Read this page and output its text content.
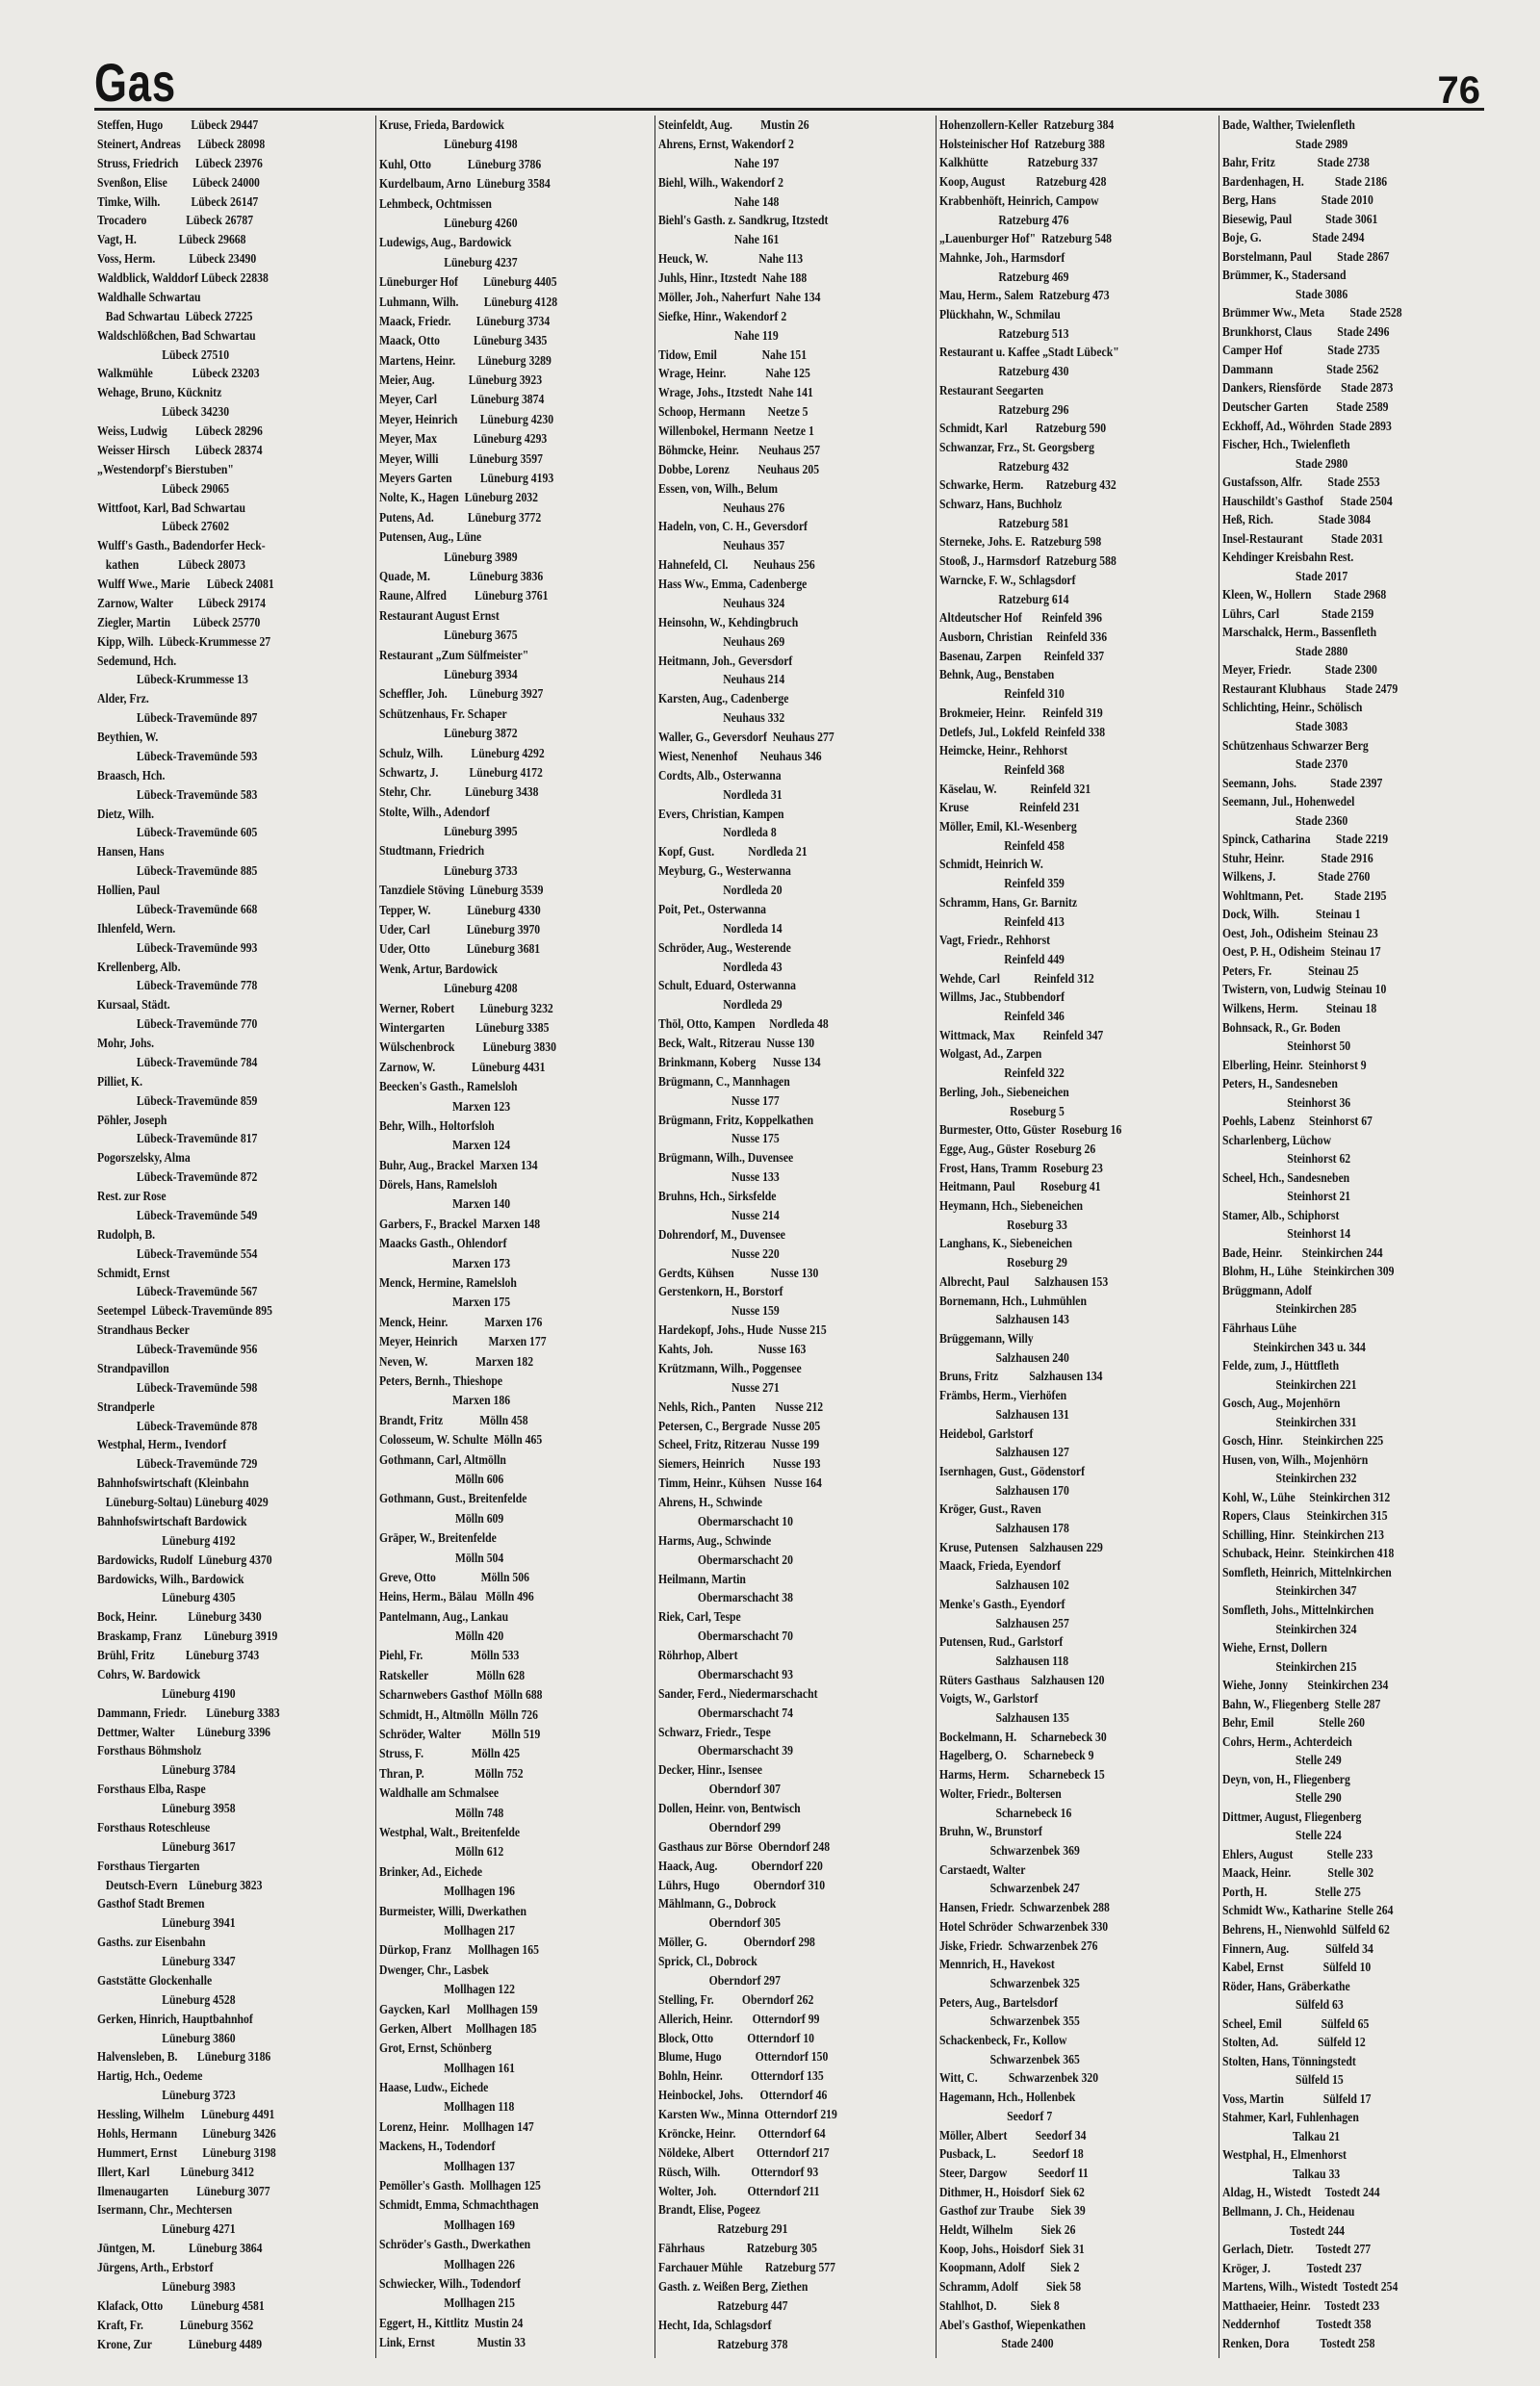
Gas	76
Steffen, Hugo          Lübeck 29447
Steinert, Andreas      Lübeck 28098
Struss, Friedrich      Lübeck 23976
Svenßon, Elise         Lübeck 24000
Timke, Wilh.           Lübeck 26147
Trocadero              Lübeck 26787
Vagt, H.               Lübeck 29668
Voss, Herm.            Lübeck 23490
Waldblick, Walddorf Lübeck 22838
Waldhalle Schwartau
Bad Schwartau  Lübeck 27225
Waldschlößchen, Bad Schwartau
Lübeck 27510
Walkmühle              Lübeck 23203
Wehage, Bruno, Kücknitz
Lübeck 34230
Weiss, Ludwig          Lübeck 28296
Weisser Hirsch         Lübeck 28374
„Westendorpf's Bierstuben"
Lübeck 29065
Wittfoot, Karl, Bad Schwartau
Lübeck 27602
Wulff's Gasth., Badendorfer Heck-
kathen              Lübeck 28073
Wulff Wwe., Marie      Lübeck 24081
Zarnow, Walter         Lübeck 29174
Ziegler, Martin        Lübeck 25770
Kipp, Wilh.  Lübeck-Krummesse 27
Sedemund, Hch.
Lübeck-Krummesse 13
Alder, Frz.
Lübeck-Travemünde 897
Beythien, W.
Lübeck-Travemünde 593
Braasch, Hch.
Lübeck-Travemünde 583
Dietz, Wilh.
Lübeck-Travemünde 605
Hansen, Hans
Lübeck-Travemünde 885
Hollien, Paul
Lübeck-Travemünde 668
Ihlenfeld, Wern.
Lübeck-Travemünde 993
Krellenberg, Alb.
Lübeck-Travemünde 778
Kursaal, Städt.
Lübeck-Travemünde 770
Mohr, Johs.
Lübeck-Travemünde 784
Pilliet, K.
Lübeck-Travemünde 859
Pöhler, Joseph
Lübeck-Travemünde 817
Pogorszelsky, Alma
Lübeck-Travemünde 872
Rest. zur Rose
Lübeck-Travemünde 549
Rudolph, B.
Lübeck-Travemünde 554
Schmidt, Ernst
Lübeck-Travemünde 567
Seetempel  Lübeck-Travemünde 895
Strandhaus Becker
Lübeck-Travemünde 956
Strandpavillon
Lübeck-Travemünde 598
Strandperle
Lübeck-Travemünde 878
Westphal, Herm., Ivendorf
Lübeck-Travemünde 729
Bahnhofswirtschaft (Kleinbahn
Lüneburg-Soltau) Lüneburg 4029
Bahnhofswirtschaft Bardowick
Lüneburg 4192
Bardowicks, Rudolf  Lüneburg 4370
Bardowicks, Wilh., Bardowick
Lüneburg 4305
Bock, Heinr.           Lüneburg 3430
Braskamp, Franz        Lüneburg 3919
Brühl, Fritz           Lüneburg 3743
Cohrs, W. Bardowick
Lüneburg 4190
Dammann, Friedr.       Lüneburg 3383
Dettmer, Walter        Lüneburg 3396
Forsthaus Böhmsholz
Lüneburg 3784
Forsthaus Elba, Raspe
Lüneburg 3958
Forsthaus Roteschleuse
Lüneburg 3617
Forsthaus Tiergarten
Deutsch-Evern    Lüneburg 3823
Gasthof Stadt Bremen
Lüneburg 3941
Gasths. zur Eisenbahn
Lüneburg 3347
Gaststätte Glockenhalle
Lüneburg 4528
Gerken, Hinrich, Hauptbahnhof
Lüneburg 3860
Halvensleben, B.       Lüneburg 3186
Hartig, Hch., Oedeme
Lüneburg 3723
Hessling, Wilhelm      Lüneburg 4491
Hohls, Hermann         Lüneburg 3426
Hummert, Ernst         Lüneburg 3198
Illert, Karl           Lüneburg 3412
Ilmenaugarten          Lüneburg 3077
Isermann, Chr., Mechtersen
Lüneburg 4271
Jüntgen, M.            Lüneburg 3864
Jürgens, Arth., Erbstorf
Lüneburg 3983
Klafack, Otto          Lüneburg 4581
Kraft, Fr.             Lüneburg 3562
Krone, Zur             Lüneburg 4489
Kruse, Frieda, Bardowick
Lüneburg 4198
Kuhl, Otto             Lüneburg 3786
Kurdelbaum, Arno  Lüneburg 3584
Lehmbeck, Ochtmissen
Lüneburg 4260
Ludewigs, Aug., Bardowick
Lüneburg 4237
Lüneburger Hof         Lüneburg 4405
Luhmann, Wilh.         Lüneburg 4128
Maack, Friedr.         Lüneburg 3734
Maack, Otto            Lüneburg 3435
Martens, Heinr.        Lüneburg 3289
Meier, Aug.            Lüneburg 3923
Meyer, Carl            Lüneburg 3874
Meyer, Heinrich        Lüneburg 4230
Meyer, Max             Lüneburg 4293
Meyer, Willi           Lüneburg 3597
Meyers Garten          Lüneburg 4193
Nolte, K., Hagen  Lüneburg 2032
Putens, Ad.            Lüneburg 3772
Putensen, Aug., Lüne
Lüneburg 3989
Quade, M.              Lüneburg 3836
Raune, Alfred          Lüneburg 3761
Restaurant August Ernst
Lüneburg 3675
Restaurant „Zum Sülfmeister"
Lüneburg 3934
Scheffler, Joh.        Lüneburg 3927
Schützenhaus, Fr. Schaper
Lüneburg 3872
Schulz, Wilh.          Lüneburg 4292
Schwartz, J.           Lüneburg 4172
Stehr, Chr.            Lüneburg 3438
Stolte, Wilh., Adendorf
Lüneburg 3995
Studtmann, Friedrich
Lüneburg 3733
Tanzdiele Stöving  Lüneburg 3539
Tepper, W.             Lüneburg 4330
Uder, Carl             Lüneburg 3970
Uder, Otto             Lüneburg 3681
Wenk, Artur, Bardowick
Lüneburg 4208
Werner, Robert         Lüneburg 3232
Wintergarten           Lüneburg 3385
Wülschenbrock          Lüneburg 3830
Zarnow, W.             Lüneburg 4431
Beecken's Gasth., Ramelsloh
Marxen 123
Behr, Wilh., Holtorfsloh
Marxen 124
Buhr, Aug., Brackel  Marxen 134
Dörels, Hans, Ramelsloh
Marxen 140
Garbers, F., Brackel  Marxen 148
Maacks Gasth., Ohlendorf
Marxen 173
Menck, Hermine, Ramelsloh
Marxen 175
Menck, Heinr.             Marxen 176
Meyer, Heinrich           Marxen 177
Neven, W.                 Marxen 182
Peters, Bernh., Thieshope
Marxen 186
Brandt, Fritz             Mölln 458
Colosseum, W. Schulte  Mölln 465
Gothmann, Carl, Altmölln
Mölln 606
Gothmann, Gust., Breitenfelde
Mölln 609
Gräper, W., Breitenfelde
Mölln 504
Greve, Otto                Mölln 506
Heins, Herm., Bälau   Mölln 496
Pantelmann, Aug., Lankau
Mölln 420
Piehl, Fr.                 Mölln 533
Ratskeller                 Mölln 628
Scharnwebers Gasthof  Mölln 688
Schmidt, H., Altmölln  Mölln 726
Schröder, Walter           Mölln 519
Struss, F.                 Mölln 425
Thran, P.                  Mölln 752
Waldhalle am Schmalsee
Mölln 748
Westphal, Walt., Breitenfelde
Mölln 612
Brinker, Ad., Eichede
Mollhagen 196
Burmeister, Willi, Dwerkathen
Mollhagen 217
Dürkop, Franz      Mollhagen 165
Dwenger, Chr., Lasbek
Mollhagen 122
Gaycken, Karl      Mollhagen 159
Gerken, Albert     Mollhagen 185
Grot, Ernst, Schönberg
Mollhagen 161
Haase, Ludw., Eichede
Mollhagen 118
Lorenz, Heinr.     Mollhagen 147
Mackens, H., Todendorf
Mollhagen 137
Pemöller's Gasth.  Mollhagen 125
Schmidt, Emma, Schmachthagen
Mollhagen 169
Schröder's Gasth., Dwerkathen
Mollhagen 226
Schwiecker, Wilh., Todendorf
Mollhagen 215
Eggert, H., Kittlitz  Mustin 24
Link, Ernst               Mustin 33
Steinfeldt, Aug.          Mustin 26
Ahrens, Ernst, Wakendorf 2
Nahe 197
Biehl, Wilh., Wakendorf 2
Nahe 148
Biehl's Gasth. z. Sandkrug, Itzstedt
Nahe 161
Heuck, W.                  Nahe 113
Juhls, Hinr., Itzstedt  Nahe 188
Möller, Joh., Naherfurt  Nahe 134
Siefke, Hinr., Wakendorf 2
Nahe 119
Tidow, Emil                Nahe 151
Wrage, Heinr.              Nahe 125
Wrage, Johs., Itzstedt  Nahe 141
Schoop, Hermann        Neetze 5
Willenbokel, Hermann  Neetze 1
Böhmcke, Heinr.       Neuhaus 257
Dobbe, Lorenz          Neuhaus 205
Essen, von, Wilh., Belum
Neuhaus 276
Hadeln, von, C. H., Geversdorf
Neuhaus 357
Hahnefeld, Cl.         Neuhaus 256
Hass Ww., Emma, Cadenberge
Neuhaus 324
Heinsohn, W., Kehdingbruch
Neuhaus 269
Heitmann, Joh., Geversdorf
Neuhaus 214
Karsten, Aug., Cadenberge
Neuhaus 332
Waller, G., Geversdorf  Neuhaus 277
Wiest, Nenenhof        Neuhaus 346
Cordts, Alb., Osterwanna
Nordleda 31
Evers, Christian, Kampen
Nordleda 8
Kopf, Gust.            Nordleda 21
Meyburg, G., Westerwanna
Nordleda 20
Poit, Pet., Osterwanna
Nordleda 14
Schröder, Aug., Westerende
Nordleda 43
Schult, Eduard, Osterwanna
Nordleda 29
Thöl, Otto, Kampen     Nordleda 48
Beck, Walt., Ritzerau  Nusse 130
Brinkmann, Koberg      Nusse 134
Brügmann, C., Mannhagen
Nusse 177
Brügmann, Fritz, Koppelkathen
Nusse 175
Brügmann, Wilh., Duvensee
Nusse 133
Bruhns, Hch., Sirksfelde
Nusse 214
Dohrendorf, M., Duvensee
Nusse 220
Gerdts, Kühsen             Nusse 130
Gerstenkorn, H., Borstorf
Nusse 159
Hardekopf, Johs., Hude  Nusse 215
Kahts, Joh.                Nusse 163
Krützmann, Wilh., Poggensee
Nusse 271
Nehls, Rich., Panten       Nusse 212
Petersen, C., Bergrade  Nusse 205
Scheel, Fritz, Ritzerau  Nusse 199
Siemers, Heinrich          Nusse 193
Timm, Heinr., Kühsen   Nusse 164
Ahrens, H., Schwinde
Obermarschacht 10
Harms, Aug., Schwinde
Obermarschacht 20
Heilmann, Martin
Obermarschacht 38
Riek, Carl, Tespe
Obermarschacht 70
Röhrhop, Albert
Obermarschacht 93
Sander, Ferd., Niedermarschacht
Obermarschacht 74
Schwarz, Friedr., Tespe
Obermarschacht 39
Decker, Hinr., Isensee
Oberndorf 307
Dollen, Heinr. von, Bentwisch
Oberndorf 299
Gasthaus zur Börse  Oberndorf 248
Haack, Aug.            Oberndorf 220
Lührs, Hugo            Oberndorf 310
Mählmann, G., Dobrock
Oberndorf 305
Möller, G.             Oberndorf 298
Sprick, Cl., Dobrock
Oberndorf 297
Stelling, Fr.          Oberndorf 262
Allerich, Heinr.       Otterndorf 99
Block, Otto            Otterndorf 10
Blume, Hugo            Otterndorf 150
Bohln, Heinr.          Otterndorf 135
Heinbockel, Johs.      Otterndorf 46
Karsten Ww., Minna  Otterndorf 219
Kröncke, Heinr.        Otterndorf 64
Nöldeke, Albert        Otterndorf 217
Rüsch, Wilh.           Otterndorf 93
Wolter, Joh.           Otterndorf 211
Brandt, Elise, Pogeez
Ratzeburg 291
Fährhaus               Ratzeburg 305
Farchauer Mühle        Ratzeburg 577
Gasth. z. Weißen Berg, Ziethen
Ratzeburg 447
Hecht, Ida, Schlagsdorf
Ratzeburg 378
Hohenzollern-Keller  Ratzeburg 384
Holsteinischer Hof  Ratzeburg 388
Kalkhütte              Ratzeburg 337
Koop, August           Ratzeburg 428
Krabbenhöft, Heinrich, Campow
Ratzeburg 476
„Lauenburger Hof"  Ratzeburg 548
Mahnke, Joh., Harmsdorf
Ratzeburg 469
Mau, Herm., Salem  Ratzeburg 473
Plückhahn, W., Schmilau
Ratzeburg 513
Restaurant u. Kaffee „Stadt Lübeck"
Ratzeburg 430
Restaurant Seegarten
Ratzeburg 296
Schmidt, Karl          Ratzeburg 590
Schwanzar, Frz., St. Georgsberg
Ratzeburg 432
Schwarke, Herm.        Ratzeburg 432
Schwarz, Hans, Buchholz
Ratzeburg 581
Sterneke, Johs. E.  Ratzeburg 598
Stooß, J., Harmsdorf  Ratzeburg 588
Warncke, F. W., Schlagsdorf
Ratzeburg 614
Altdeutscher Hof       Reinfeld 396
Ausborn, Christian     Reinfeld 336
Basenau, Zarpen        Reinfeld 337
Behnk, Aug., Benstaben
Reinfeld 310
Brokmeier, Heinr.      Reinfeld 319
Detlefs, Jul., Lokfeld  Reinfeld 338
Heimcke, Heinr., Rehhorst
Reinfeld 368
Käselau, W.            Reinfeld 321
Kruse                  Reinfeld 231
Möller, Emil, Kl.-Wesenberg
Reinfeld 458
Schmidt, Heinrich W.
Reinfeld 359
Schramm, Hans, Gr. Barnitz
Reinfeld 413
Vagt, Friedr., Rehhorst
Reinfeld 449
Wehde, Carl            Reinfeld 312
Willms, Jac., Stubbendorf
Reinfeld 346
Wittmack, Max          Reinfeld 347
Wolgast, Ad., Zarpen
Reinfeld 322
Berling, Joh., Siebeneichen
Roseburg 5
Burmester, Otto, Güster  Roseburg 16
Egge, Aug., Güster  Roseburg 26
Frost, Hans, Tramm  Roseburg 23
Heitmann, Paul         Roseburg 41
Heymann, Hch., Siebeneichen
Roseburg 33
Langhans, K., Siebeneichen
Roseburg 29
Albrecht, Paul         Salzhausen 153
Bornemann, Hch., Luhmühlen
Salzhausen 143
Brüggemann, Willy
Salzhausen 240
Bruns, Fritz           Salzhausen 134
Främbs, Herm., Vierhöfen
Salzhausen 131
Heidebol, Garlstorf
Salzhausen 127
Isernhagen, Gust., Gödenstorf
Salzhausen 170
Kröger, Gust., Raven
Salzhausen 178
Kruse, Putensen    Salzhausen 229
Maack, Frieda, Eyendorf
Salzhausen 102
Menke's Gasth., Eyendorf
Salzhausen 257
Putensen, Rud., Garlstorf
Salzhausen 118
Rüters Gasthaus    Salzhausen 120
Voigts, W., Garlstorf
Salzhausen 135
Bockelmann, H.     Scharnebeck 30
Hagelberg, O.      Scharnebeck 9
Harms, Herm.       Scharnebeck 15
Wolter, Friedr., Boltersen
Scharnebeck 16
Bruhn, W., Brunstorf
Schwarzenbek 369
Carstaedt, Walter
Schwarzenbek 247
Hansen, Friedr.  Schwarzenbek 288
Hotel Schröder  Schwarzenbek 330
Jiske, Friedr.  Schwarzenbek 276
Mennrich, H., Havekost
Schwarzenbek 325
Peters, Aug., Bartelsdorf
Schwarzenbek 355
Schackenbeck, Fr., Kollow
Schwarzenbek 365
Witt, C.           Schwarzenbek 320
Hagemann, Hch., Hollenbek
Seedorf 7
Möller, Albert          Seedorf 34
Pusback, L.             Seedorf 18
Steer, Dargow           Seedorf 11
Dithmer, H., Hoisdorf  Siek 62
Gasthof zur Traube      Siek 39
Heldt, Wilhelm          Siek 26
Koop, Johs., Hoisdorf  Siek 31
Koopmann, Adolf         Siek 2
Schramm, Adolf          Siek 58
Stahlhot, D.            Siek 8
Abel's Gasthof, Wiepenkathen
Stade 2400
Bade, Walther, Twielenfleth
Stade 2989
Bahr, Fritz               Stade 2738
Bardenhagen, H.           Stade 2186
Berg, Hans                Stade 2010
Biesewig, Paul            Stade 3061
Boje, G.                  Stade 2494
Borstelmann, Paul         Stade 2867
Brümmer, K., Stadersand
Stade 3086
Brümmer Ww., Meta         Stade 2528
Brunkhorst, Claus         Stade 2496
Camper Hof                Stade 2735
Dammann                   Stade 2562
Dankers, Riensförde       Stade 2873
Deutscher Garten          Stade 2589
Eckhoff, Ad., Wöhrden  Stade 2893
Fischer, Hch., Twielenfleth
Stade 2980
Gustafsson, Alfr.         Stade 2553
Hauschildt's Gasthof      Stade 2504
Heß, Rich.                Stade 3084
Insel-Restaurant          Stade 2031
Kehdinger Kreisbahn Rest.
Stade 2017
Kleen, W., Hollern        Stade 2968
Lührs, Carl               Stade 2159
Marschalck, Herm., Bassenfleth
Stade 2880
Meyer, Friedr.            Stade 2300
Restaurant Klubhaus       Stade 2479
Schlichting, Heinr., Schölisch
Stade 3083
Schützenhaus Schwarzer Berg
Stade 2370
Seemann, Johs.            Stade 2397
Seemann, Jul., Hohenwedel
Stade 2360
Spinck, Catharina         Stade 2219
Stuhr, Heinr.             Stade 2916
Wilkens, J.               Stade 2760
Wohltmann, Pet.           Stade 2195
Dock, Wilh.             Steinau 1
Oest, Joh., Odisheim  Steinau 23
Oest, P. H., Odisheim  Steinau 17
Peters, Fr.             Steinau 25
Twistern, von, Ludwig  Steinau 10
Wilkens, Herm.          Steinau 18
Bohnsack, R., Gr. Boden
Steinhorst 50
Elberling, Heinr.  Steinhorst 9
Peters, H., Sandesneben
Steinhorst 36
Poehls, Labenz     Steinhorst 67
Scharlenberg, Lüchow
Steinhorst 62
Scheel, Hch., Sandesneben
Steinhorst 21
Stamer, Alb., Schiphorst
Steinhorst 14
Bade, Heinr.       Steinkirchen 244
Blohm, H., Lühe    Steinkirchen 309
Brüggmann, Adolf
Steinkirchen 285
Fährhaus Lühe
Steinkirchen 343 u. 344
Felde, zum, J., Hüttfleth
Steinkirchen 221
Gosch, Aug., Mojenhörn
Steinkirchen 331
Gosch, Hinr.       Steinkirchen 225
Husen, von, Wilh., Mojenhörn
Steinkirchen 232
Kohl, W., Lühe     Steinkirchen 312
Ropers, Claus      Steinkirchen 315
Schilling, Hinr.   Steinkirchen 213
Schuback, Heinr.   Steinkirchen 418
Somfleth, Heinrich, Mittelnkirchen
Steinkirchen 347
Somfleth, Johs., Mittelnkirchen
Steinkirchen 324
Wiehe, Ernst, Dollern
Steinkirchen 215
Wiehe, Jonny       Steinkirchen 234
Bahn, W., Fliegenberg  Stelle 287
Behr, Emil                Stelle 260
Cohrs, Herm., Achterdeich
Stelle 249
Deyn, von, H., Fliegenberg
Stelle 290
Dittmer, August, Fliegenberg
Stelle 224
Ehlers, August            Stelle 233
Maack, Heinr.             Stelle 302
Porth, H.                 Stelle 275
Schmidt Ww., Katharine  Stelle 264
Behrens, H., Nienwohld  Sülfeld 62
Finnern, Aug.             Sülfeld 34
Kabel, Ernst              Sülfeld 10
Röder, Hans, Gräberkathe
Sülfeld 63
Scheel, Emil              Sülfeld 65
Stolten, Ad.              Sülfeld 12
Stolten, Hans, Tönningstedt
Sülfeld 15
Voss, Martin              Sülfeld 17
Stahmer, Karl, Fuhlenhagen
Talkau 21
Westphal, H., Elmenhorst
Talkau 33
Aldag, H., Wistedt     Tostedt 244
Bellmann, J. Ch., Heidenau
Tostedt 244
Gerlach, Dietr.        Tostedt 277
Kröger, J.             Tostedt 237
Martens, Wilh., Wistedt  Tostedt 254
Matthaeier, Heinr.     Tostedt 233
Neddernhof             Tostedt 358
Renken, Dora           Tostedt 258
